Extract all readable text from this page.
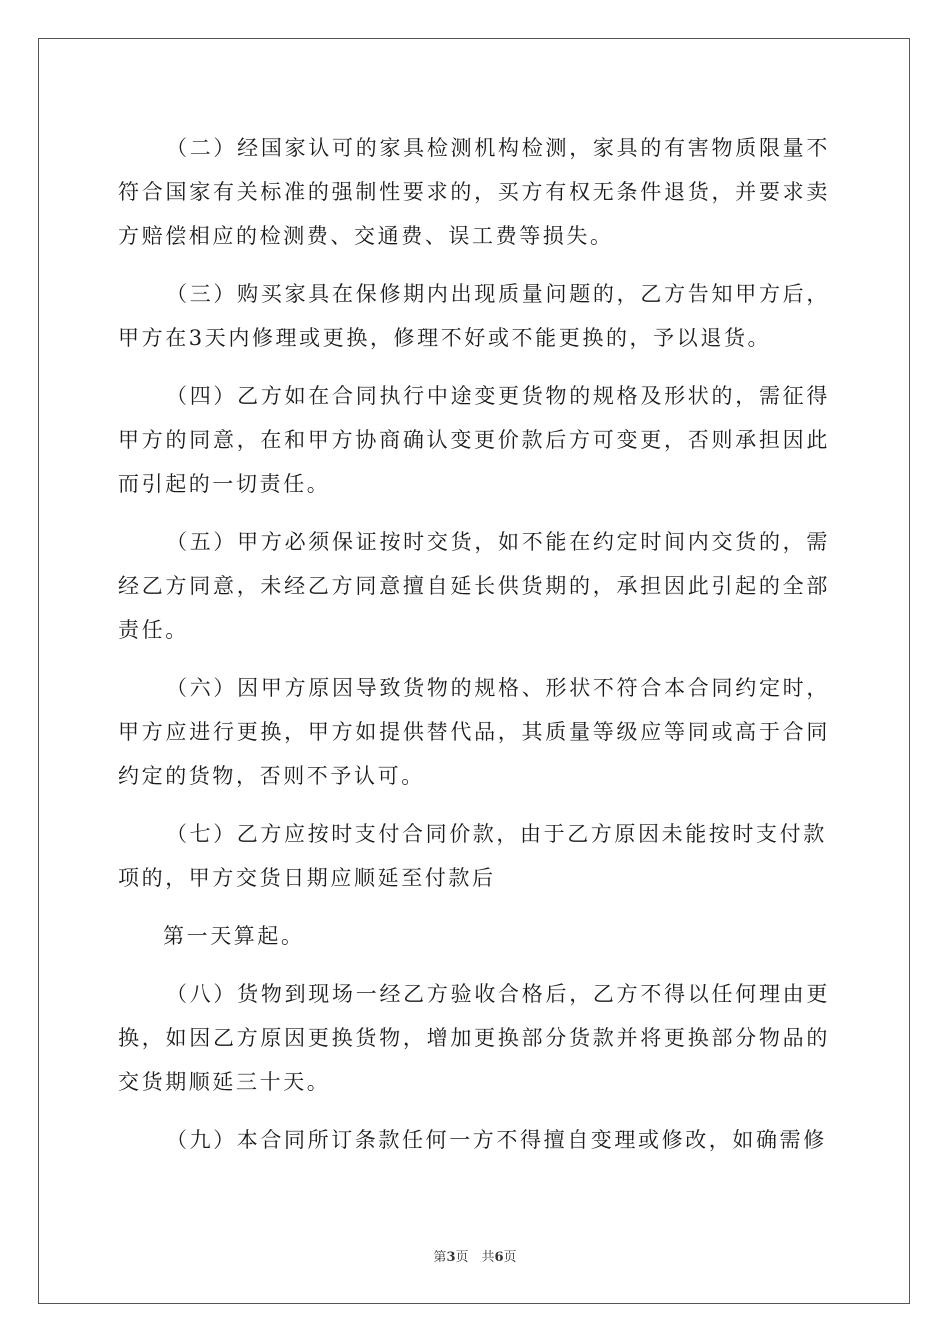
（二）经国家认可的家具检测机构检测，家具的有害物质限量不符合国家有关标准的强制性要求的，买方有权无条件退货，并要求卖方赔偿相应的检测费、交通费、误工费等损失。

（三）购买家具在保修期内出现质量问题的，乙方告知甲方后，甲方在3天内修理或更换，修理不好或不能更换的，予以退货。

（四）乙方如在合同执行中途变更货物的规格及形状的，需征得甲方的同意，在和甲方协商确认变更价款后方可变更，否则承担因此而引起的一切责任。

（五）甲方必须保证按时交货，如不能在约定时间内交货的，需经乙方同意，未经乙方同意擅自延长供货期的，承担因此引起的全部责任。

（六）因甲方原因导致货物的规格、形状不符合本合同约定时，甲方应进行更换，甲方如提供替代品，其质量等级应等同或高于合同约定的货物，否则不予认可。

（七）乙方应按时支付合同价款，由于乙方原因未能按时支付款项的，甲方交货日期应顺延至付款后

第一天算起。

（八）货物到现场一经乙方验收合格后，乙方不得以任何理由更换，如因乙方原因更换货物，增加更换部分货款并将更换部分物品的交货期顺延三十天。

（九）本合同所订条款任何一方不得擅自变理或修改，如确需修

第3页　共6页
